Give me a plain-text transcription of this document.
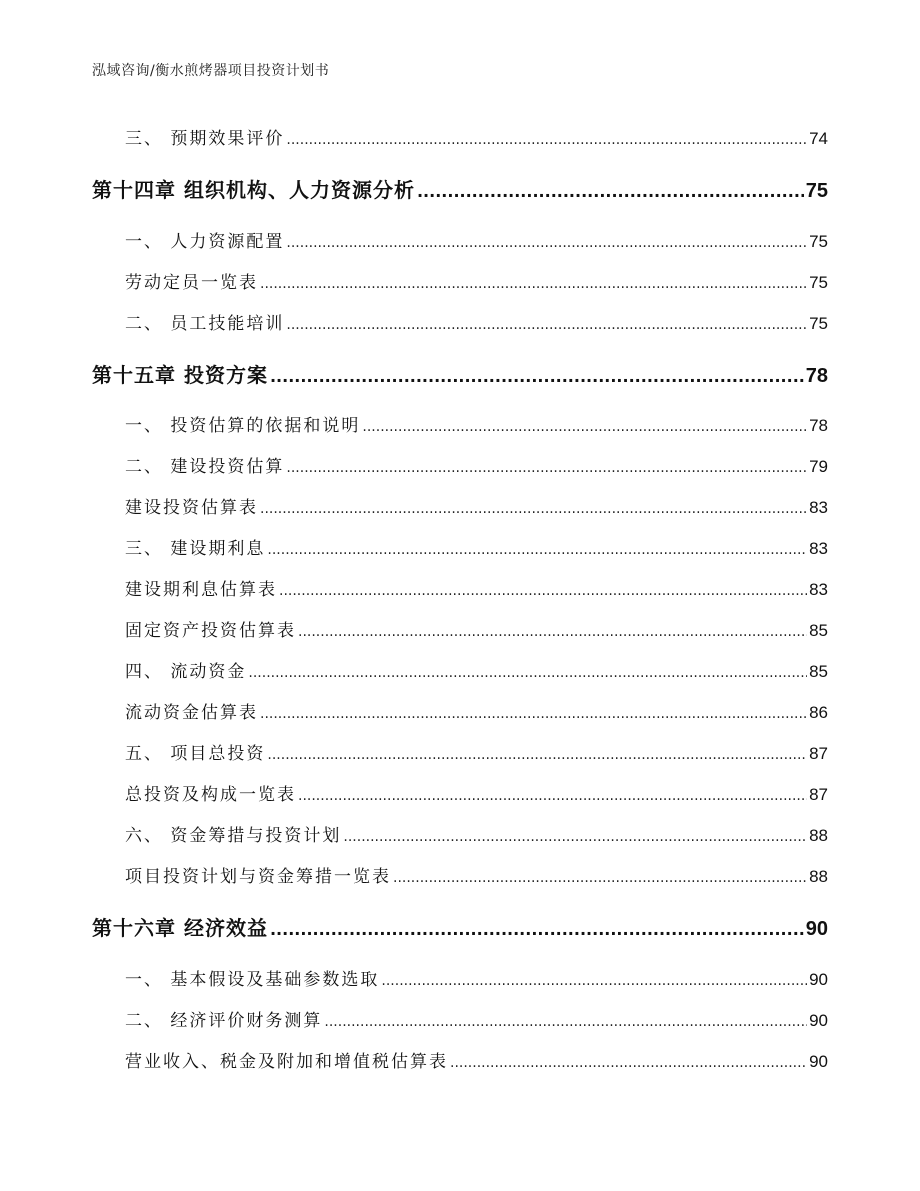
泓域咨询/衡水煎烤器项目投资计划书
三、 预期效果评价 .....	74
第十四章 组织机构、人力资源分析 .....	75
一、 人力资源配置 .....	75
劳动定员一览表 .....	75
二、 员工技能培训 .....	75
第十五章 投资方案 .....	78
一、 投资估算的依据和说明 .....	78
二、 建设投资估算 .....	79
建设投资估算表 .....	83
三、 建设期利息 .....	83
建设期利息估算表 .....	83
固定资产投资估算表 .....	85
四、 流动资金 .....	85
流动资金估算表 .....	86
五、 项目总投资 .....	87
总投资及构成一览表 .....	87
六、 资金筹措与投资计划 .....	88
项目投资计划与资金筹措一览表 .....	88
第十六章 经济效益 .....	90
一、 基本假设及基础参数选取 .....	90
二、 经济评价财务测算 .....	90
营业收入、税金及附加和增值税估算表 .....	90
